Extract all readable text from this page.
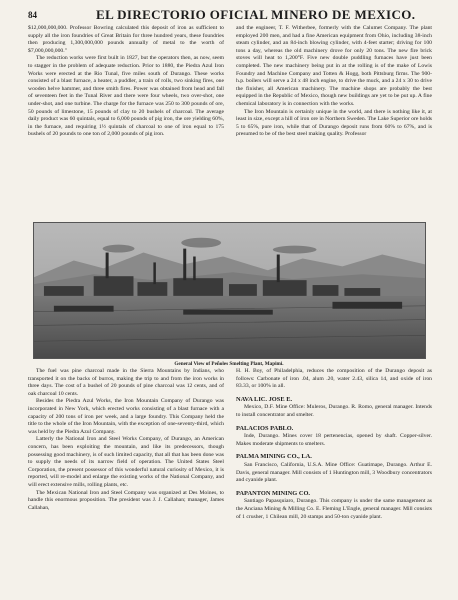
84	EL DIRECTORIO OFICIAL MINERO DE MEXICO.

$12,000,000,000. Professor Bowring calculated this deposit of iron as sufficient to supply all the iron foundries of Great Britain for three hundred years, these foundries then producing 1,300,000,000 pounds annually of metal to the worth of $7,000,000,000."

The reduction works were first built in 1827, but the operators then, as now, seem to stagger in the problem of adequate reduction. Prior to 1880, the Piedra Azul Iron Works were erected at the Rio Tunal, five miles south of Durango. These works consisted of a blast furnace, a heater, a puddler, a train of rolls, two sinking fires, one wooden helve hammer, and three smith fires. Power was obtained from head and fall of seventeen feet in the Tunal River and there were four wheels, two over-shot, one under-shot, and one turbine. The charge for the furnace was 250 to 300 pounds of ore, 50 pounds of limestone, 15 pounds of clay to 20 bushels of charcoal. The average daily product was 60 quintals, equal to 6,000 pounds of pig iron, the ore yielding 60%, in the furnace, and requiring 1½ quintals of charcoal to one of iron equal to 175 bushels of 20 pounds to one ton of 2,000 pounds of pig iron.

and the engineer, T. F. Witherbee, formerly with the Calumet Company. The plant employed 200 men, and had a fine American equipment from Ohio, including 38-inch steam cylinder, and an 84-inch blowing cylinder, with 4-feet starter; driving for 100 tons a day, whereas the old machinery drove for only 20 tons. The new fire brick stoves will heat to 1,200°F. Five new double puddling furnaces have just been completed. The new machinery being put in at the rolling is of the make of Lowis Foundry and Machine Company and Totten & Hogg, both Pittsburg firms. The 900-h.p. boilers will serve a 24 x 48 inch engine, to drive the muck, and a 24 x 30 to drive the finisher, all American machinery. The machine shops are probably the best equipped in the Republic of Mexico, though new buildings are yet to be put up. A fine chemical laboratory is in connection with the works.

The Iron Mountain is certainly unique in the world, and there is nothing like it, at least in size, except a hill of iron ore in Northern Sweden. The Lake Superior ore holds 5 to 65%, pure iron, while that of Durango deposit runs from 60% to 67%, and is presumed to be of the best steel making quality. Professor

General View of Peñoles Smelting Plant, Mapimi.

The fuel was pine charcoal made in the Sierra Mountains by Indians, who transported it on the backs of burros, making the trip to and from the iron works in three days. The cost of a bushel of 20 pounds of pine charcoal was 12 cents, and of oak charcoal 10 cents.

Besides the Piedra Azul Works, the Iron Mountain Company of Durango was incorporated in New York, which erected works consisting of a blast furnace with a capacity of 200 tons of iron per week, and a large foundry. This Company held the title to the whole of the Iron Mountain, with the exception of one-seventy-third, which was held by the Piedra Azul Company.

Latterly the National Iron and Steel Works Company, of Durango, an American concern, has been exploiting the mountain, and like its predecessors, though possessing good machinery, is of such limited capacity, that all that has been done was to supply the needs of its narrow field of operation. The United States Steel Corporation, the present possessor of this wonderful natural curiosity of Mexico, it is reported, will re-model and enlarge the existing works of the National Company, and will erect extensive mills, rolling plants, etc.

The Mexican National Iron and Steel Company was organized at Des Moines, to handle this enormous proposition. The president was J. J. Callahan; manager, James Callahan,

H. H. Boy, of Philadelphia, reduces the composition of the Durango deposit as follows: Carbonate of iron .04, alum .20, water 2.43, silica 14, and oxide of iron 83.33, or 100% in all.

NAVA LIC. JOSE E.

Mexico, D.F. Mine Office: Muleros, Durango. R. Romo, general manager. Intends to install concentrator and smelter.

PALACIOS PABLO.

Inde, Durango. Mines cover 18 pertenencias, opened by shaft. Copper-silver. Makes moderate shipments to smelters.

PALMA MINING CO., LA.

San Francisco, California, U.S.A. Mine Office: Guatimape, Durango. Arthur E. Davis, general manager. Mill consists of 1 Huntington mill, 3 Woodbury concentrators and cyanide plant.

PAPANTON MINING CO.

Santiago Papasquiaro, Durango. This company is under the same management as the Anciana Mining & Milling Co. E. Fleming L'Engle, general manager. Mill consists of 1 crusher, 1 Chilean mill, 20 stamps and 50-ton cyanide plant.
